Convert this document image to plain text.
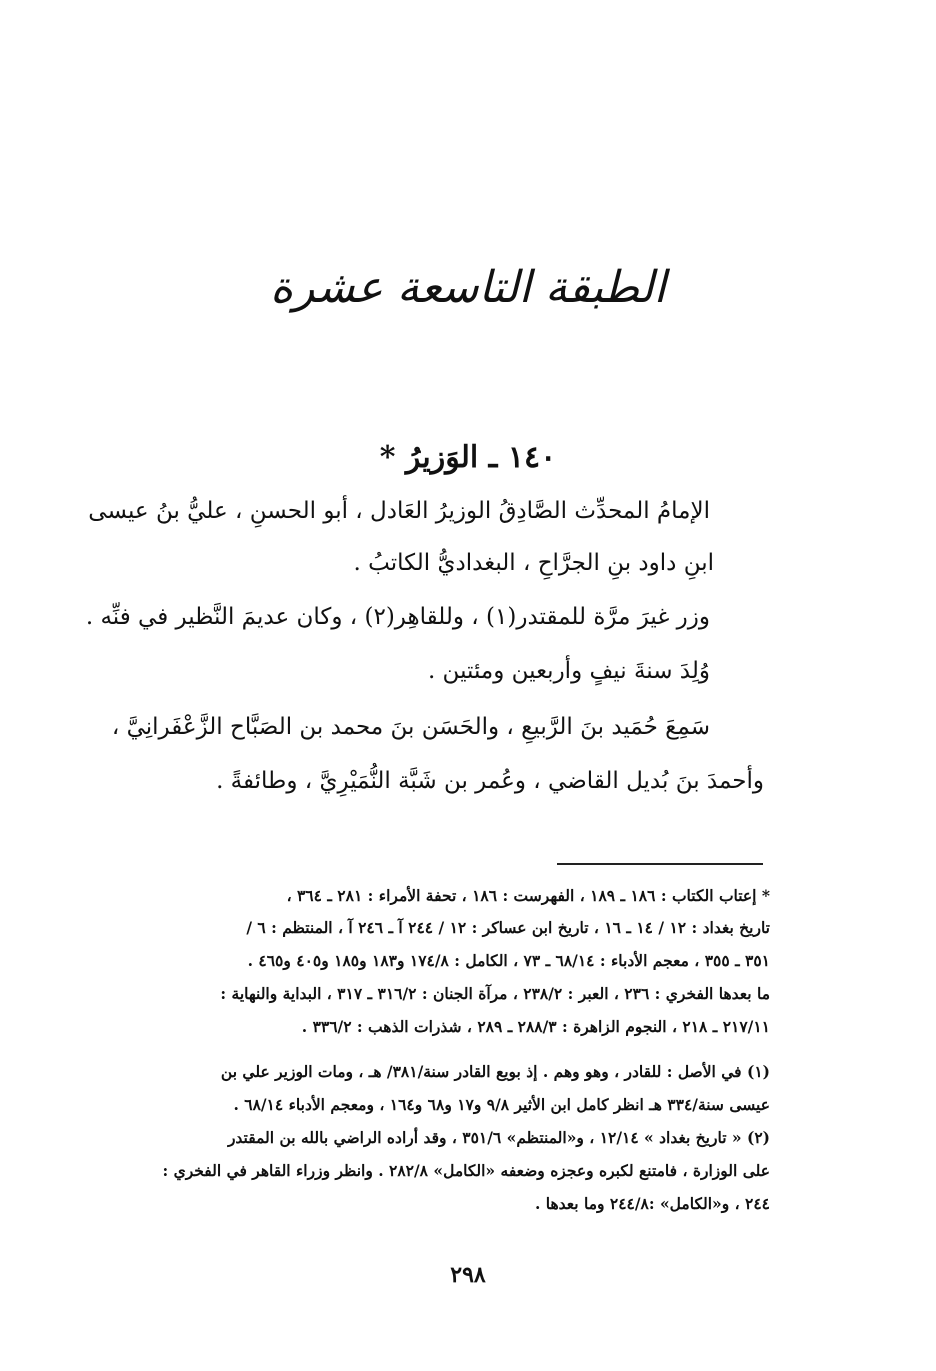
الطبقة التاسعة عشرة
١٤٠ ـ الوَزيرُ *
الإمامُ المحدِّث الصَّادِقُ الوزيرُ العَادل ، أبو الحسنِ ، عليُّ بنُ عيسى
ابنِ داود بنِ الجرَّاحِ ، البغداديُّ الكاتبُ .
وزر غيرَ مرَّة للمقتدر(١) ، وللقاهِر(٢) ، وكان عديمَ النَّظير في فنِّه .
وُلِدَ سنةَ نيفٍ وأربعين ومئتين .
سَمِعَ حُمَيد بنَ الرَّبيعِ ، والحَسَن بنَ محمد بن الصَبَّاح الزَّعْفَرانِيَّ ،
وأحمدَ بنَ بُديل القاضي ، وعُمر بن شَبَّة النُّمَيْرِيَّ ، وطائفةً .
* إعتاب الكتاب : ١٨٦ ـ ١٨٩ ، الفهرست : ١٨٦ ، تحفة الأمراء : ٢٨١ ـ ٣٦٤ ،
تاريخ بغداد : ١٢ / ١٤ ـ ١٦ ، تاريخ ابن عساكر : ١٢ / ٢٤٤ آ ـ ٢٤٦ آ ، المنتظم : ٦ /
٣٥١ ـ ٣٥٥ ، معجم الأدباء : ٦٨/١٤ ـ ٧٣ ، الكامل : ١٧٤/٨ و١٨٣ و١٨٥ و٤٠٥ و٤٦٥ .
ما بعدها الفخري : ٢٣٦ ، العبر : ٢٣٨/٢ ، مرآة الجنان : ٣١٦/٢ ـ ٣١٧ ، البداية والنهاية :
٢١٧/١١ ـ ٢١٨ ، النجوم الزاهرة : ٢٨٨/٣ ـ ٢٨٩ ، شذرات الذهب : ٣٣٦/٢ .
(١) في الأصل : للقادر ، وهو وهم . إذ بويع القادر سنة/٣٨١/ هـ ، ومات الوزير علي بن
عيسى سنة/٣٣٤ هـ انظر كامل ابن الأثير ٩/٨ و١٧ و٦٨ و١٦٤ ، ومعجم الأدباء ٦٨/١٤ .
(٢) « تاريخ بغداد » ١٢/١٤ ، و«المنتظم» ٣٥١/٦ ، وقد أراده الراضي بالله بن المقتدر
على الوزارة ، فامتنع لكبره وعجزه وضعفه «الكامل» ٢٨٢/٨ . وانظر وزراء القاهر في الفخري :
٢٤٤ ، و«الكامل» :٢٤٤/٨ وما بعدها .
٢٩٨
